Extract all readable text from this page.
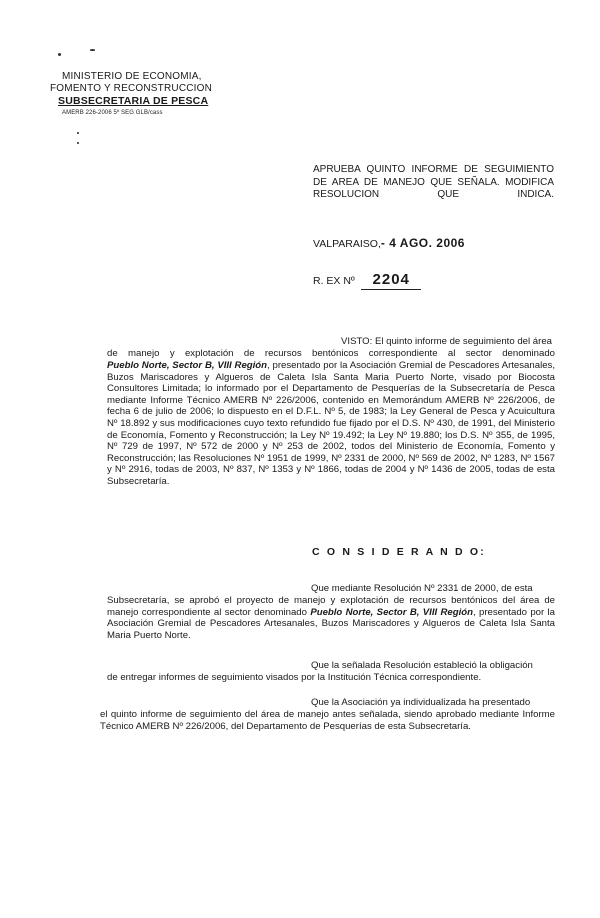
MINISTERIO DE ECONOMIA,

FOMENTO Y RECONSTRUCCION

SUBSECRETARIA DE PESCA

AMERB 226-2006 5º SEG GLB/cass

APRUEBA QUINTO INFORME DE SEGUIMIENTO DE AREA DE MANEJO QUE SEÑALA. MODIFICA RESOLUCION QUE INDICA.

VALPARAISO,- 4 AGO. 2006
R. EX Nº 2204

VISTO: El quinto informe de seguimiento del área

de manejo y explotación de recursos bentónicos correspondiente al sector denominado

Pueblo Norte, Sector B, VIII Región, presentado por la Asociación Gremial de Pescadores Artesanales, Buzos Mariscadores y Algueros de Caleta Isla Santa Maria Puerto Norte, visado por Biocosta Consultores Limitada; lo informado por el Departamento de Pesquerías de la Subsecretaría de Pesca mediante Informe Técnico AMERB Nº 226/2006, contenido en Memorándum AMERB Nº 226/2006, de fecha 6 de julio de 2006; lo dispuesto en el D.F.L. Nº 5, de 1983; la Ley General de Pesca y Acuicultura Nº 18.892 y sus modificaciones cuyo texto refundido fue fijado por el D.S. Nº 430, de 1991, del Ministerio de Economía, Fomento y Reconstrucción; la Ley Nº 19.492; la Ley Nº 19.880; los D.S. Nº 355, de 1995, Nº 729 de 1997, Nº 572 de 2000 y Nº 253 de 2002, todos del Ministerio de Economía, Fomento y Reconstrucción; las Resoluciones Nº 1951 de 1999, Nº 2331 de 2000, Nº 569 de 2002, Nº 1283, Nº 1567 y Nº 2916, todas de 2003, Nº 837, Nº 1353 y Nº 1866, todas de 2004 y Nº 1436 de 2005, todas de esta Subsecretaría.

C O N S I D E R A N D O:

Que mediante Resolución Nº 2331 de 2000, de esta

Subsecretaría, se aprobó el proyecto de manejo y explotación de recursos bentónicos del área de manejo correspondiente al sector denominado Pueblo Norte, Sector B, VIII Región, presentado por la Asociación Gremial de Pescadores Artesanales, Buzos Mariscadores y Algueros de Caleta Isla Santa Maria Puerto Norte.

Que la señalada Resolución estableció la obligación

de entregar informes de seguimiento visados por la Institución Técnica correspondiente.

Que la Asociación ya individualizada ha presentado

el quinto informe de seguimiento del área de manejo antes señalada, siendo aprobado mediante Informe Técnico AMERB Nº 226/2006, del Departamento de Pesquerías de esta Subsecretaría.
